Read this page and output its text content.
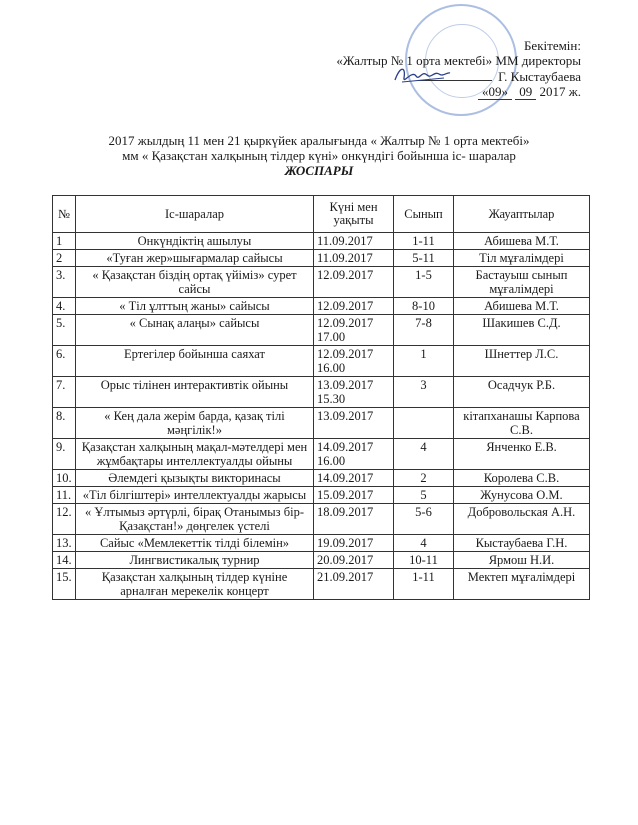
Бекітемін:
«Жалтыр № 1 орта мектебі» ММ директоры
Г. Кыстаубаева
«09» 09 2017 ж.
2017 жылдың 11 мен 21 қыркүйек аралығында « Жалтыр № 1 орта мектебі»
мм « Қазақстан халқының тілдер күні» онкүндігі бойынша іс- шаралар
ЖОСПАРЫ
№	Іс-шаралар	Күні мен уақыты	Сынып	Жауаптылар
1	Онкүндіктің ашылуы	11.09.2017	1-11	Абишева М.Т.
2	«Туған жер»шығармалар сайысы	11.09.2017	5-11	Тіл мұғалімдері
3.	« Қазақстан біздің ортақ үйіміз» сурет сайсы	12.09.2017	1-5	Бастауыш сынып мұғалімдері
4.	« Тіл ұлттың жаны» сайысы	12.09.2017	8-10	Абишева М.Т.
5.	« Сынақ алаңы» сайысы	12.09.2017 17.00	7-8	Шакишев С.Д.
6.	Ертегілер бойынша саяхат	12.09.2017 16.00	1	Шнеттер Л.С.
7.	Орыс тілінен интерактивтік ойыны	13.09.2017 15.30	3	Осадчук Р.Б.
8.	« Кең дала жерім барда, қазақ тілі мәңгілік!»	13.09.2017		кітапханашы Карпова С.В.
9.	Қазақстан халқының мақал-мәтелдері мен жұмбақтары интеллектуалды ойыны	14.09.2017 16.00	4	Янченко Е.В.
10.	Әлемдегі қызықты викторинасы	14.09.2017	2	Королева С.В.
11.	«Тіл білгіштері» интеллектуалды жарысы	15.09.2017	5	Жунусова О.М.
12.	« Ұлтымыз әртүрлі, бірақ Отанымыз бір- Қазақстан!» дөңгелек үстелі	18.09.2017	5-6	Добровольская А.Н.
13.	Сайыс «Мемлекеттік тілді білемін»	19.09.2017	4	Кыстаубаева Г.Н.
14.	Лингвистикалық турнир	20.09.2017	10-11	Ярмош Н.И.
15.	Қазақстан халқының тілдер күніне арналған мерекелік концерт	21.09.2017	1-11	Мектеп мұғалімдері
